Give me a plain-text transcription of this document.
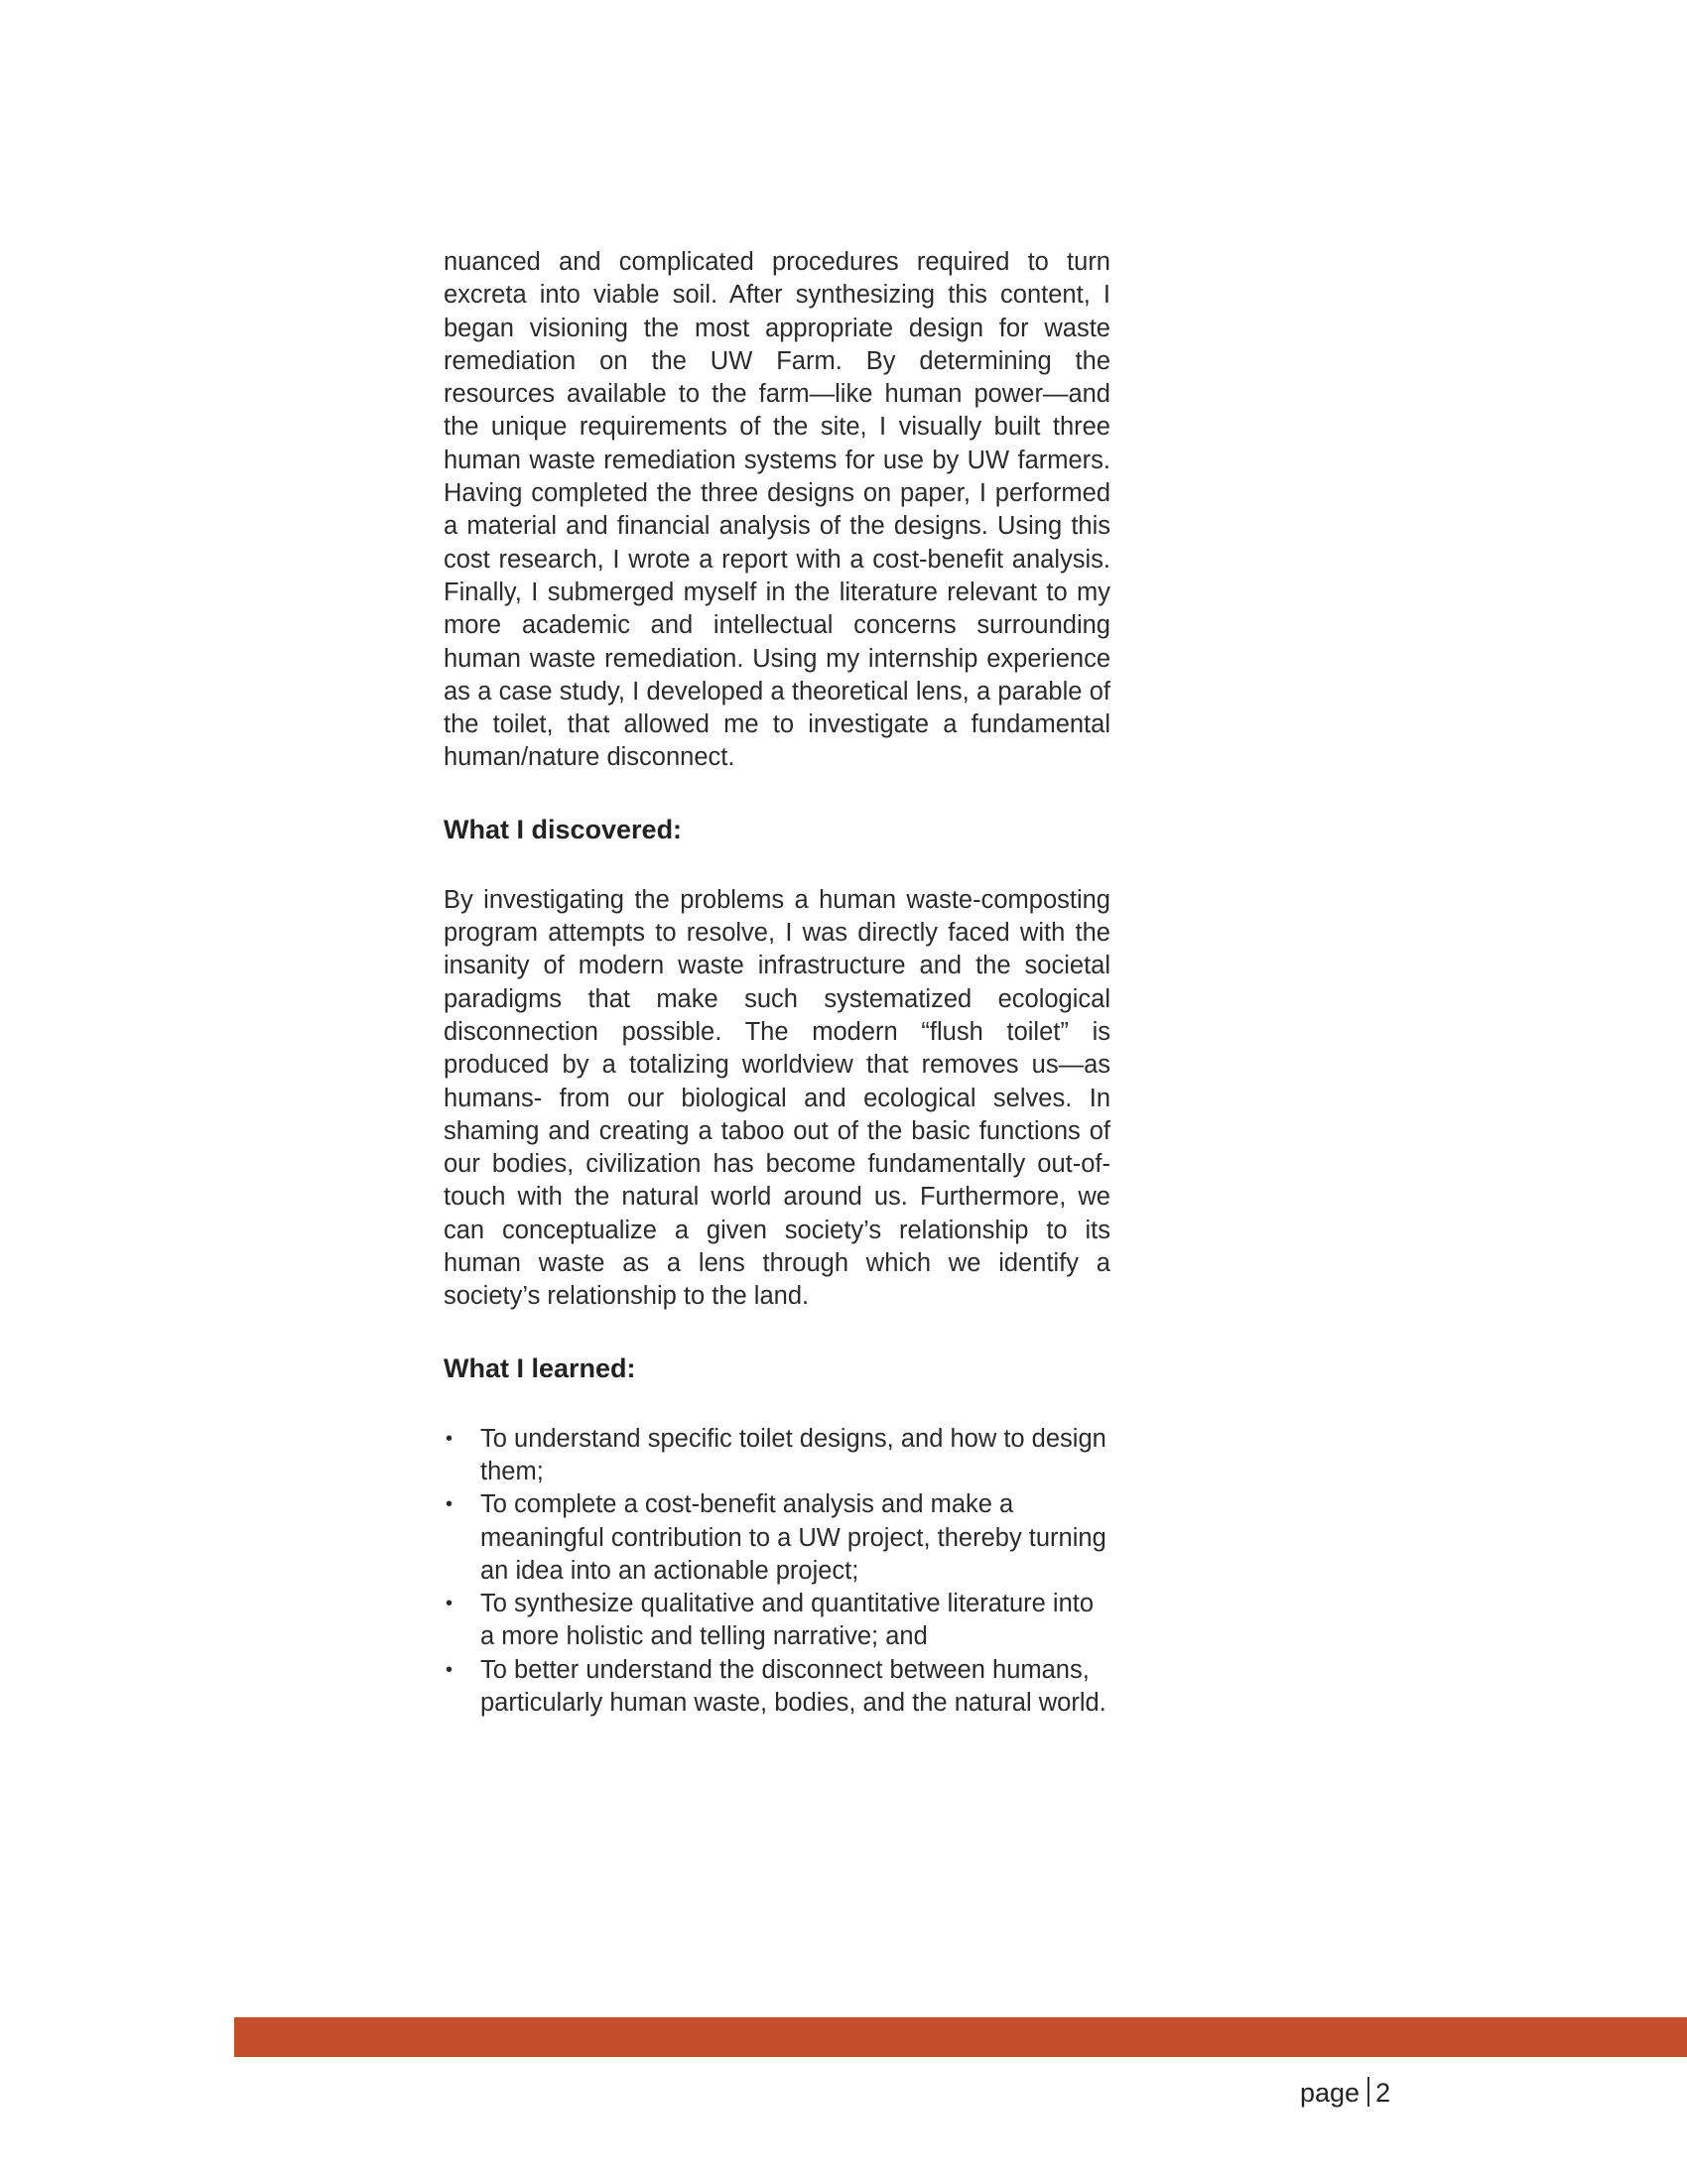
nuanced and complicated procedures required to turn excreta into viable soil. After synthesizing this content, I began visioning the most appropriate design for waste remediation on the UW Farm. By determining the resources available to the farm—like human power—and the unique requirements of the site, I visually built three human waste remediation systems for use by UW farmers. Having completed the three designs on paper, I performed a material and financial analysis of the designs. Using this cost research, I wrote a report with a cost-benefit analysis. Finally, I submerged myself in the literature relevant to my more academic and intellectual concerns surrounding human waste remediation. Using my internship experience as a case study, I developed a theoretical lens, a parable of the toilet, that allowed me to investigate a fundamental human/nature disconnect.

What I discovered:

By investigating the problems a human waste-composting program attempts to resolve, I was directly faced with the insanity of modern waste infrastructure and the societal paradigms that make such systematized ecological disconnection possible. The modern “flush toilet” is produced by a totalizing worldview that removes us—as humans- from our biological and ecological selves. In shaming and creating a taboo out of the basic functions of our bodies, civilization has become fundamentally out-of-touch with the natural world around us. Furthermore, we can conceptualize a given society’s relationship to its human waste as a lens through which we identify a society’s relationship to the land.

What I learned:
• To understand specific toilet designs, and how to design them;
• To complete a cost-benefit analysis and make a meaningful contribution to a UW project, thereby turning an idea into an actionable project;
• To synthesize qualitative and quantitative literature into a more holistic and telling narrative; and
• To better understand the disconnect between humans, particularly human waste, bodies, and the natural world.
page 2
